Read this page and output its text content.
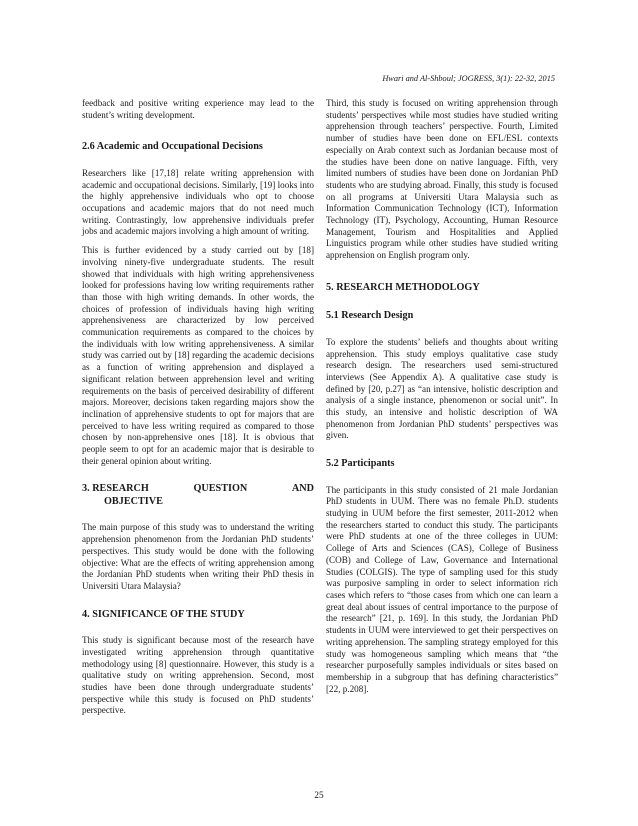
Hwari and Al-Shboul; JOGRESS, 3(1): 22-32, 2015

feedback and positive writing experience may lead to the student’s writing development.

2.6 Academic and Occupational Decisions

Researchers like [17,18] relate writing apprehension with academic and occupational decisions. Similarly, [19] looks into the highly apprehensive individuals who opt to choose occupations and academic majors that do not need much writing. Contrastingly, low apprehensive individuals prefer jobs and academic majors involving a high amount of writing.

This is further evidenced by a study carried out by [18] involving ninety-five undergraduate students. The result showed that individuals with high writing apprehensiveness looked for professions having low writing requirements rather than those with high writing demands. In other words, the choices of profession of individuals having high writing apprehensiveness are characterized by low perceived communication requirements as compared to the choices by the individuals with low writing apprehensiveness. A similar study was carried out by [18] regarding the academic decisions as a function of writing apprehension and displayed a significant relation between apprehension level and writing requirements on the basis of perceived desirability of different majors. Moreover, decisions taken regarding majors show the inclination of apprehensive students to opt for majors that are perceived to have less writing required as compared to those chosen by non-apprehensive ones [18]. It is obvious that people seem to opt for an academic major that is desirable to their general opinion about writing.

3. RESEARCH	QUESTION	AND
OBJECTIVE

The main purpose of this study was to understand the writing apprehension phenomenon from the Jordanian PhD students’ perspectives. This study would be done with the following objective: What are the effects of writing apprehension among the Jordanian PhD students when writing their PhD thesis in Universiti Utara Malaysia?

4. SIGNIFICANCE OF THE STUDY

This study is significant because most of the research have investigated writing apprehension through quantitative methodology using [8] questionnaire. However, this study is a qualitative study on writing apprehension. Second, most studies have been done through undergraduate students’ perspective while this study is focused on PhD students’ perspective.

Third, this study is focused on writing apprehension through students’ perspectives while most studies have studied writing apprehension through teachers’ perspective. Fourth, Limited number of studies have been done on EFL/ESL contexts especially on Arab context such as Jordanian because most of the studies have been done on native language. Fifth, very limited numbers of studies have been done on Jordanian PhD students who are studying abroad. Finally, this study is focused on all programs at Universiti Utara Malaysia such as Information Communication Technology (ICT), Information Technology (IT), Psychology, Accounting, Human Resource Management, Tourism and Hospitalities and Applied Linguistics program while other studies have studied writing apprehension on English program only.

5. RESEARCH METHODOLOGY
5.1 Research Design

To explore the students’ beliefs and thoughts about writing apprehension. This study employs qualitative case study research design. The researchers used semi-structured interviews (See Appendix A). A qualitative case study is defined by [20, p.27] as “an intensive, holistic description and analysis of a single instance, phenomenon or social unit”. In this study, an intensive and holistic description of WA phenomenon from Jordanian PhD students’ perspectives was given.

5.2 Participants

The participants in this study consisted of 21 male Jordanian PhD students in UUM. There was no female Ph.D. students studying in UUM before the first semester, 2011-2012 when the researchers started to conduct this study. The participants were PhD students at one of the three colleges in UUM: College of Arts and Sciences (CAS), College of Business (COB) and College of Law, Governance and International Studies (COLGIS). The type of sampling used for this study was purposive sampling in order to select information rich cases which refers to “those cases from which one can learn a great deal about issues of central importance to the purpose of the research” [21, p. 169]. In this study, the Jordanian PhD students in UUM were interviewed to get their perspectives on writing apprehension. The sampling strategy employed for this study was homogeneous sampling which means that “the researcher purposefully samples individuals or sites based on membership in a subgroup that has defining characteristics” [22, p.208].

25
